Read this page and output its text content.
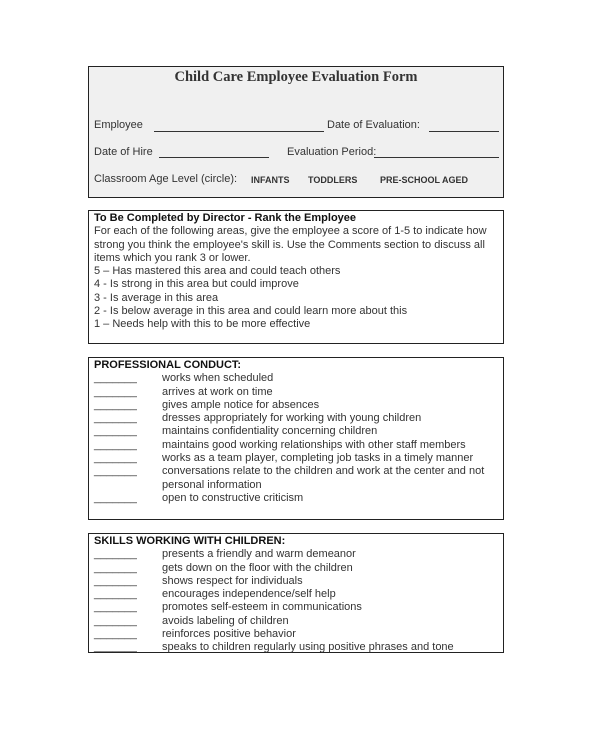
Child Care Employee Evaluation Form
Employee	Date of Evaluation:
Date of Hire	Evaluation Period:
Classroom Age Level (circle): INFANTS TODDLERS	PRE-SCHOOL AGED
To Be Completed by Director - Rank the Employee
For each of the following areas, give the employee a score of 1-5 to indicate how strong you think the employee's skill is. Use the Comments section to discuss all items which you rank 3 or lower.
5 – Has mastered this area and could teach others
4 - Is strong in this area but could improve
3 - Is average in this area
2 - Is below average in this area and could learn more about this
1 – Needs help with this to be more effective
PROFESSIONAL CONDUCT:
_______	works when scheduled
_______	arrives at work on time
_______	gives ample notice for absences
_______	dresses appropriately for working with young children
_______	maintains confidentiality concerning children
_______	maintains good working relationships with other staff members
_______	works as a team player, completing job tasks in a timely manner
_______	conversations relate to the children and work at the center and not personal information
_______	open to constructive criticism
SKILLS WORKING WITH CHILDREN:
_______	presents a friendly and warm demeanor
_______	gets down on the floor with the children
_______	shows respect for individuals
_______	encourages independence/self help
_______	promotes self-esteem in communications
_______	avoids labeling of children
_______	reinforces positive behavior
_______	speaks to children regularly using positive phrases and tone
